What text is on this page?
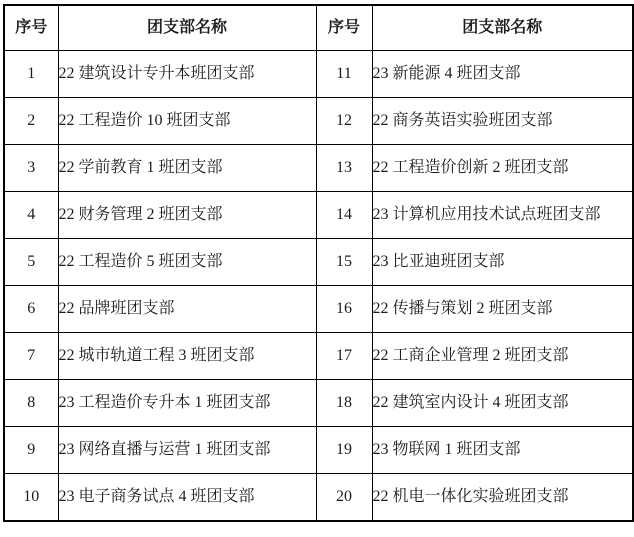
序号	团支部名称	序号	团支部名称
1	22 建筑设计专升本班团支部	11	23 新能源 4 班团支部
2	22 工程造价 10 班团支部	12	22 商务英语实验班团支部
3	22 学前教育 1 班团支部	13	22 工程造价创新 2 班团支部
4	22 财务管理 2 班团支部	14	23 计算机应用技术试点班团支部
5	22 工程造价 5 班团支部	15	23 比亚迪班团支部
6	22 品牌班团支部	16	22 传播与策划 2 班团支部
7	22 城市轨道工程 3 班团支部	17	22 工商企业管理 2 班团支部
8	23 工程造价专升本 1 班团支部	18	22 建筑室内设计 4 班团支部
9	23 网络直播与运营 1 班团支部	19	23 物联网 1 班团支部
10	23 电子商务试点 4 班团支部	20	22 机电一体化实验班团支部
